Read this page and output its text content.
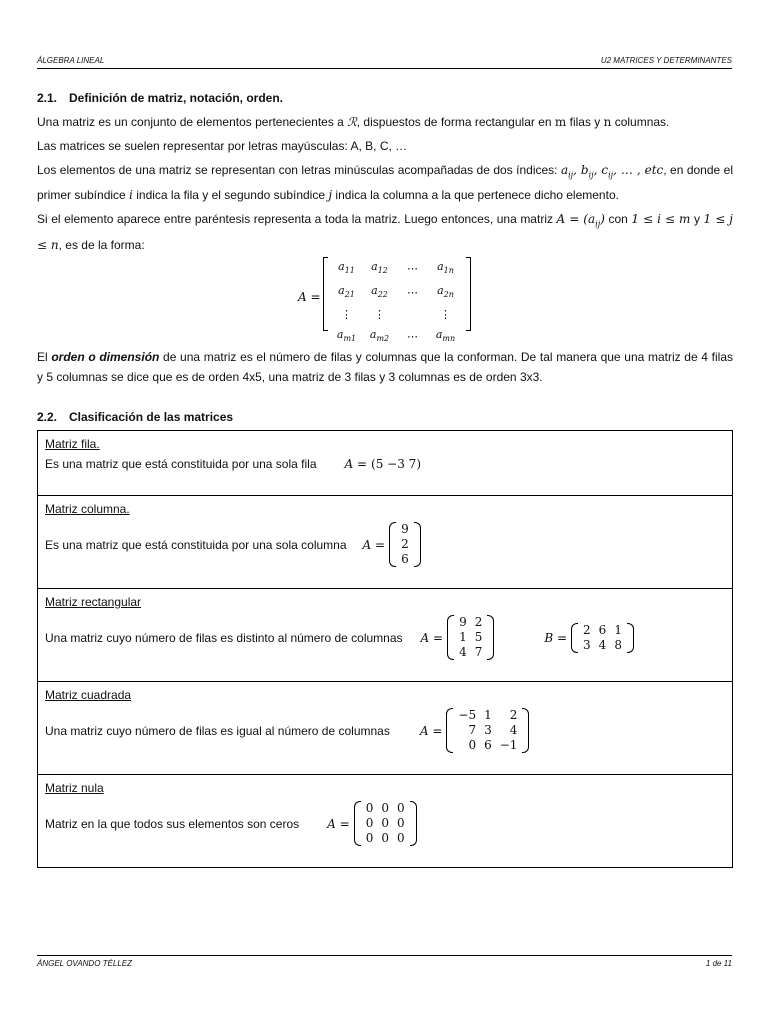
ÁLGEBRA LINEAL	U2 MATRICES Y DETERMINANTES

2.1. Definición de matriz, notación, orden.

Una matriz es un conjunto de elementos pertenecientes a ℛ, dispuestos de forma rectangular en m filas y n columnas.

Las matrices se suelen representar por letras mayúsculas: A, B, C, …

Los elementos de una matriz se representan con letras minúsculas acompañadas de dos índices: $a_{ij}$, $b_{ij}$, $c_{ij}$, … , etc, en donde el primer subíndice i indica la fila y el segundo subíndice j indica la columna a la que pertenece dicho elemento.

Si el elemento aparece entre paréntesis representa a toda la matriz. Luego entonces, una matriz $A = (a_{ij})$ con 1 ≤ i ≤ m y 1 ≤ j ≤ n, es de la forma:

A =
$a_{11}$	$a_{12}$	⋯	$a_{1n}$
$a_{21}$	$a_{22}$	⋯	$a_{2n}$
⋮	⋮		⋮
$a_{m1}$	$a_{m2}$	⋯	$a_{mn}$

El orden o dimensión de una matriz es el número de filas y columnas que la conforman. De tal manera que una matriz de 4 filas y 5 columnas se dice que es de orden 4x5, una matriz de 3 filas y 3 columnas es de orden 3x3.

2.2. Clasificación de las matrices

Matriz fila.
Es una matriz que está constituida por una sola fila A = (5 −3 7)
Matriz columna.
Es una matriz que está constituida por una sola columna A =
9
2
6
Matriz rectangular
Una matriz cuyo número de filas es distinto al número de columnas A =
9	2
1	5
4	7
B =
2	6	1
3	4	8
Matriz cuadrada
Una matriz cuyo número de filas es igual al número de columnas	A =
−5	1	2
7	3	4
0	6	−1
Matriz nula
Matriz en la que todos sus elementos son ceros A =
0	0	0
0	0	0
0	0	0
ÁNGEL OVANDO TÉLLEZ	1 de 11
